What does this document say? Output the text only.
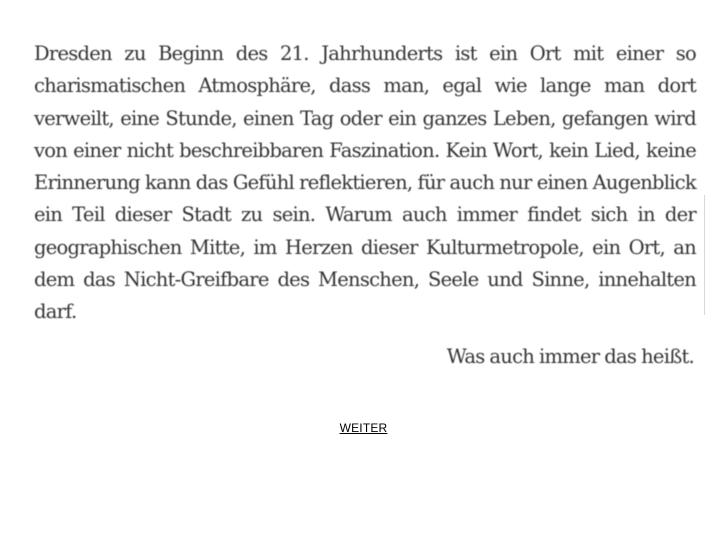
Dresden zu Beginn des 21. Jahrhunderts ist ein Ort mit einer so charismatischen Atmosphäre, dass man, egal wie lange man dort verweilt, eine Stunde, einen Tag oder ein ganzes Leben, gefangen wird von einer nicht beschreibbaren Faszination. Kein Wort, kein Lied, keine Erinnerung kann das Gefühl reflektieren, für auch nur einen Augenblick ein Teil dieser Stadt zu sein. Warum auch immer findet sich in der geographischen Mitte, im Herzen dieser Kulturmetropole, ein Ort, an dem das Nicht-Greifbare des Menschen, Seele und Sinne, innehalten darf.

Was auch immer das heißt.

WEITER
